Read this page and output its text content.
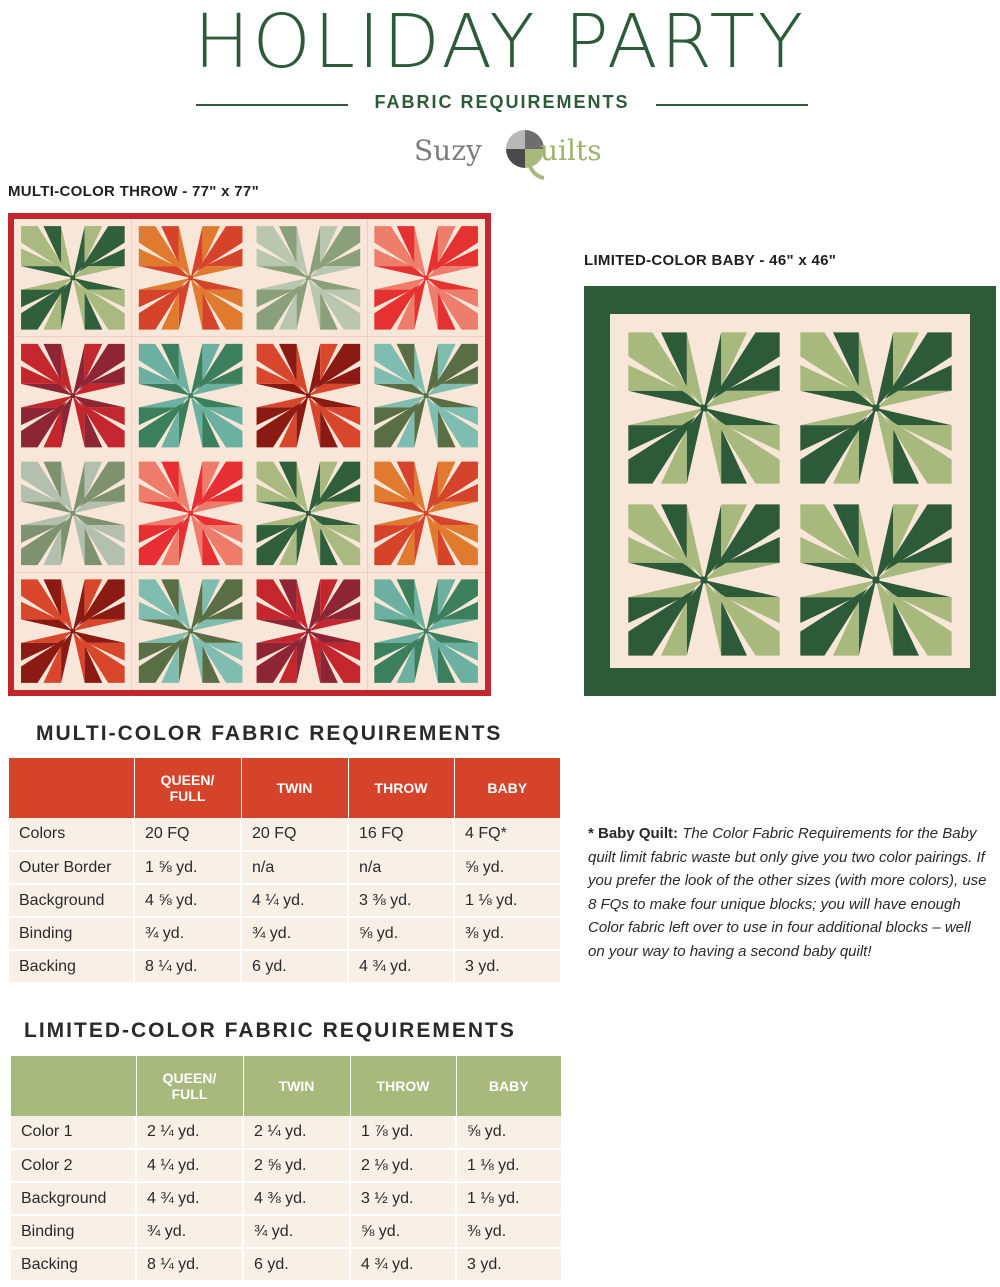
HOLIDAY PARTY
FABRIC REQUIREMENTS
Suzy uilts
MULTI-COLOR THROW - 77" x 77"
LIMITED-COLOR BABY - 46" x 46"
MULTI-COLOR FABRIC REQUIREMENTS
	QUEEN/
FULL	TWIN	THROW	BABY
Colors	20 FQ	20 FQ	16 FQ	4 FQ*
Outer Border	1 ⅝ yd.	n/a	n/a	⅝ yd.
Background	4 ⅝ yd.	4 ¼ yd.	3 ⅜ yd.	1 ⅛ yd.
Binding	¾ yd.	¾ yd.	⅝ yd.	⅜ yd.
Backing	8 ¼ yd.	6 yd.	4 ¾ yd.	3 yd.
LIMITED-COLOR FABRIC REQUIREMENTS
	QUEEN/
FULL	TWIN	THROW	BABY
Color 1	2 ¼ yd.	2 ¼ yd.	1 ⅞ yd.	⅝ yd.
Color 2	4 ¼ yd.	2 ⅝ yd.	2 ⅛ yd.	1 ⅛ yd.
Background	4 ¾ yd.	4 ⅜ yd.	3 ½ yd.	1 ⅛ yd.
Binding	¾ yd.	¾ yd.	⅝ yd.	⅜ yd.
Backing	8 ¼ yd.	6 yd.	4 ¾ yd.	3 yd.
* Baby Quilt: The Color Fabric Requirements for the Baby quilt limit fabric waste but only give you two color pairings. If you prefer the look of the other sizes (with more colors), use 8 FQs to make four unique blocks; you will have enough Color fabric left over to use in four additional blocks – well on your way to having a second baby quilt!
